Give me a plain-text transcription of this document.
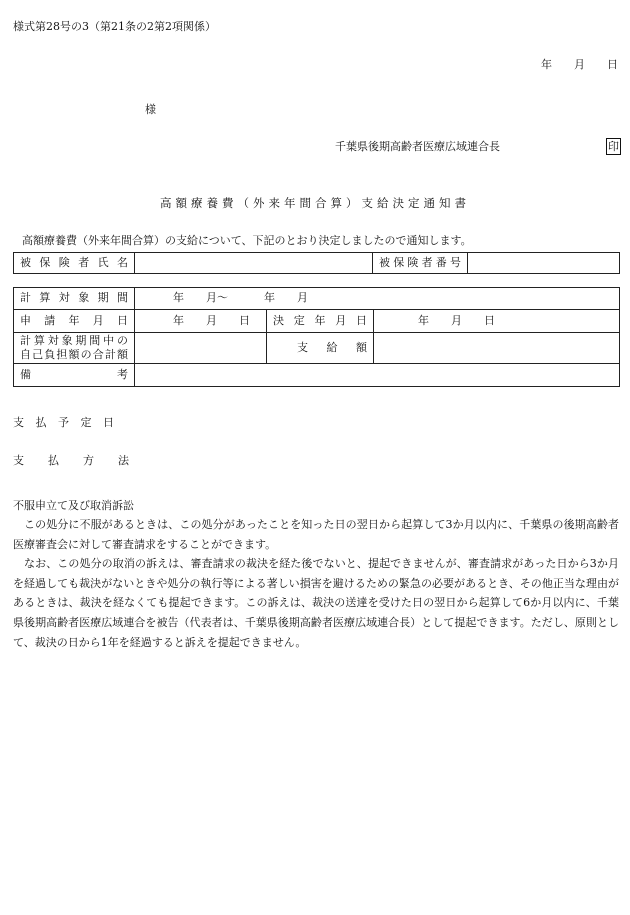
様式第28号の3（第21条の2第2項関係）
年 月 日
様
千葉県後期高齢者医療広域連合長	印
高額療養費（外来年間合算）支給決定通知書
高額療養費（外来年間合算）の支給について、下記のとおり決定しましたので通知します。
被保険者氏名		被保険者番号

計算対象期間	年 月〜 年 月		

申請年月日	年 月 日	決定年月日	年 月 日

計算対象期間中の
自己負担額の合計額		支給額	

備考			

支払予定日
支払方法
不服申立て及び取消訴訟

この処分に不服があるときは、この処分があったことを知った日の翌日から起算して3か月以内に、千葉県の後期高齢者医療審査会に対して審査請求をすることができます。

なお、この処分の取消の訴えは、審査請求の裁決を経た後でないと、提起できませんが、審査請求があった日から3か月を経過しても裁決がないときや処分の執行等による著しい損害を避けるための緊急の必要があるとき、その他正当な理由があるときは、裁決を経なくても提起できます。この訴えは、裁決の送達を受けた日の翌日から起算して6か月以内に、千葉県後期高齢者医療広域連合を被告（代表者は、千葉県後期高齢者医療広域連合長）として提起できます。ただし、原則として、裁決の日から1年を経過すると訴えを提起できません。
